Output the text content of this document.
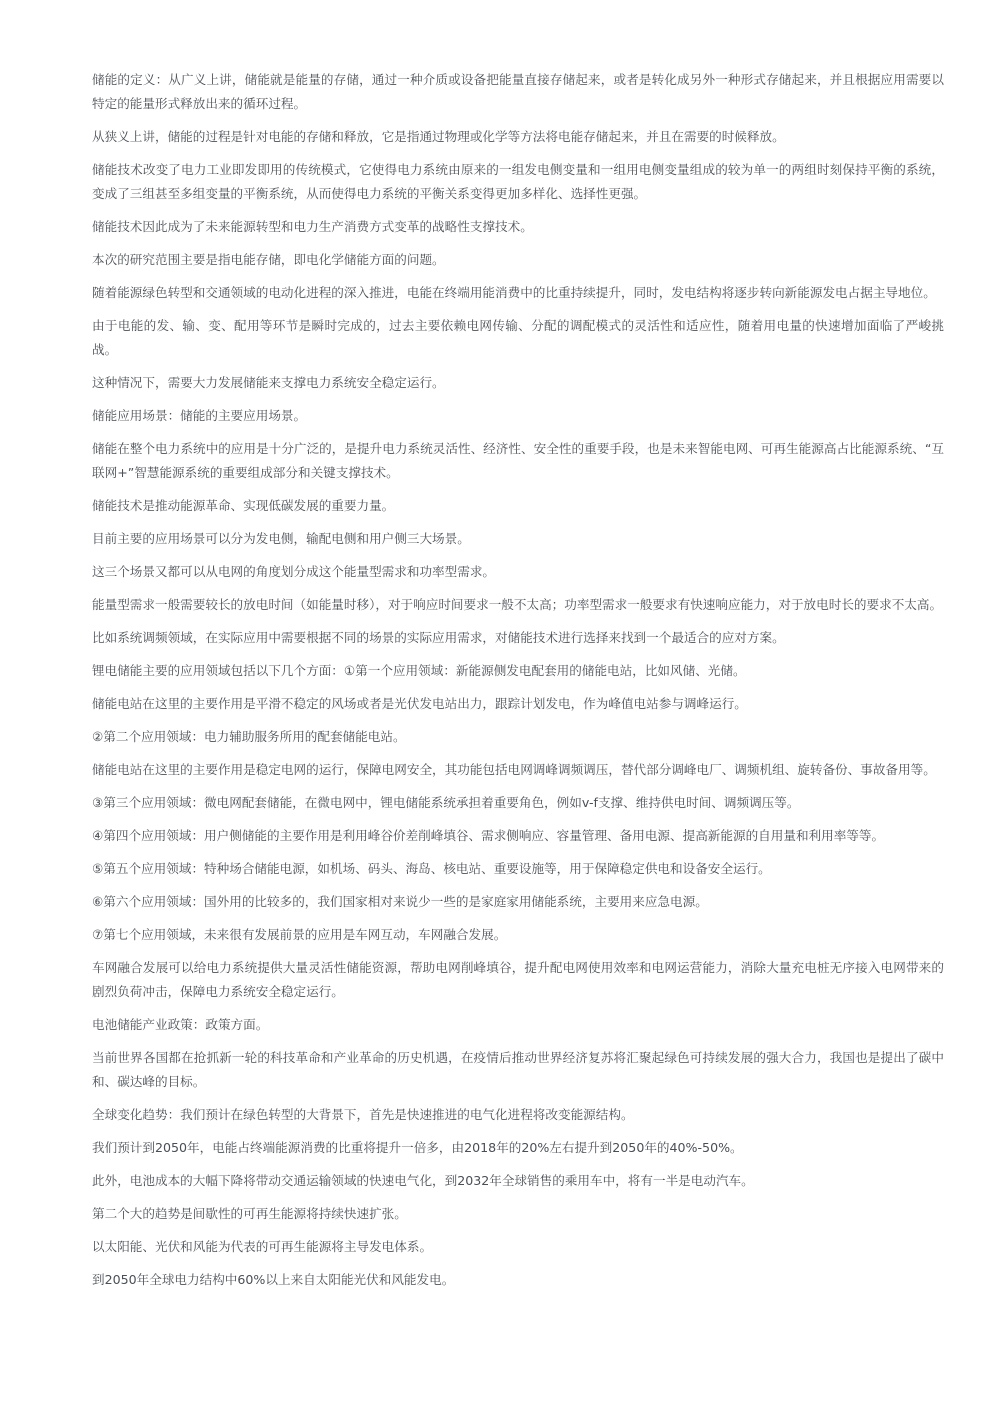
储能的定义：从广义上讲，储能就是能量的存储，通过一种介质或设备把能量直接存储起来，或者是转化成另外一种形式存储起来，并且根据应用需要以特定的能量形式释放出来的循环过程。

从狭义上讲，储能的过程是针对电能的存储和释放，它是指通过物理或化学等方法将电能存储起来，并且在需要的时候释放。

储能技术改变了电力工业即发即用的传统模式，它使得电力系统由原来的一组发电侧变量和一组用电侧变量组成的较为单一的两组时刻保持平衡的系统，变成了三组甚至多组变量的平衡系统，从而使得电力系统的平衡关系变得更加多样化、选择性更强。

储能技术因此成为了未来能源转型和电力生产消费方式变革的战略性支撑技术。

本次的研究范围主要是指电能存储，即电化学储能方面的问题。

随着能源绿色转型和交通领域的电动化进程的深入推进，电能在终端用能消费中的比重持续提升，同时，发电结构将逐步转向新能源发电占据主导地位。

由于电能的发、输、变、配用等环节是瞬时完成的，过去主要依赖电网传输、分配的调配模式的灵活性和适应性，随着用电量的快速增加面临了严峻挑战。

这种情况下，需要大力发展储能来支撑电力系统安全稳定运行。

储能应用场景：储能的主要应用场景。

储能在整个电力系统中的应用是十分广泛的，是提升电力系统灵活性、经济性、安全性的重要手段，也是未来智能电网、可再生能源高占比能源系统、“互联网+”智慧能源系统的重要组成部分和关键支撑技术。

储能技术是推动能源革命、实现低碳发展的重要力量。

目前主要的应用场景可以分为发电侧，输配电侧和用户侧三大场景。

这三个场景又都可以从电网的角度划分成这个能量型需求和功率型需求。

能量型需求一般需要较长的放电时间（如能量时移），对于响应时间要求一般不太高；功率型需求一般要求有快速响应能力，对于放电时长的要求不太高。

比如系统调频领域，在实际应用中需要根据不同的场景的实际应用需求，对储能技术进行选择来找到一个最适合的应对方案。

锂电储能主要的应用领域包括以下几个方面：①第一个应用领域：新能源侧发电配套用的储能电站，比如风储、光储。

储能电站在这里的主要作用是平滑不稳定的风场或者是光伏发电站出力，跟踪计划发电，作为峰值电站参与调峰运行。

②第二个应用领域：电力辅助服务所用的配套储能电站。

储能电站在这里的主要作用是稳定电网的运行，保障电网安全，其功能包括电网调峰调频调压，替代部分调峰电厂、调频机组、旋转备份、事故备用等。

③第三个应用领域：微电网配套储能，在微电网中，锂电储能系统承担着重要角色，例如v-f支撑、维持供电时间、调频调压等。

④第四个应用领域：用户侧储能的主要作用是利用峰谷价差削峰填谷、需求侧响应、容量管理、备用电源、提高新能源的自用量和利用率等等。

⑤第五个应用领域：特种场合储能电源，如机场、码头、海岛、核电站、重要设施等，用于保障稳定供电和设备安全运行。

⑥第六个应用领域：国外用的比较多的，我们国家相对来说少一些的是家庭家用储能系统，主要用来应急电源。

⑦第七个应用领域，未来很有发展前景的应用是车网互动，车网融合发展。

车网融合发展可以给电力系统提供大量灵活性储能资源，帮助电网削峰填谷，提升配电网使用效率和电网运营能力，消除大量充电桩无序接入电网带来的剧烈负荷冲击，保障电力系统安全稳定运行。

电池储能产业政策：政策方面。

当前世界各国都在抢抓新一轮的科技革命和产业革命的历史机遇，在疫情后推动世界经济复苏将汇聚起绿色可持续发展的强大合力，我国也是提出了碳中和、碳达峰的目标。

全球变化趋势：我们预计在绿色转型的大背景下，首先是快速推进的电气化进程将改变能源结构。

我们预计到2050年，电能占终端能源消费的比重将提升一倍多，由2018年的20%左右提升到2050年的40%-50%。

此外，电池成本的大幅下降将带动交通运输领域的快速电气化，到2032年全球销售的乘用车中，将有一半是电动汽车。

第二个大的趋势是间歇性的可再生能源将持续快速扩张。

以太阳能、光伏和风能为代表的可再生能源将主导发电体系。

到2050年全球电力结构中60%以上来自太阳能光伏和风能发电。
